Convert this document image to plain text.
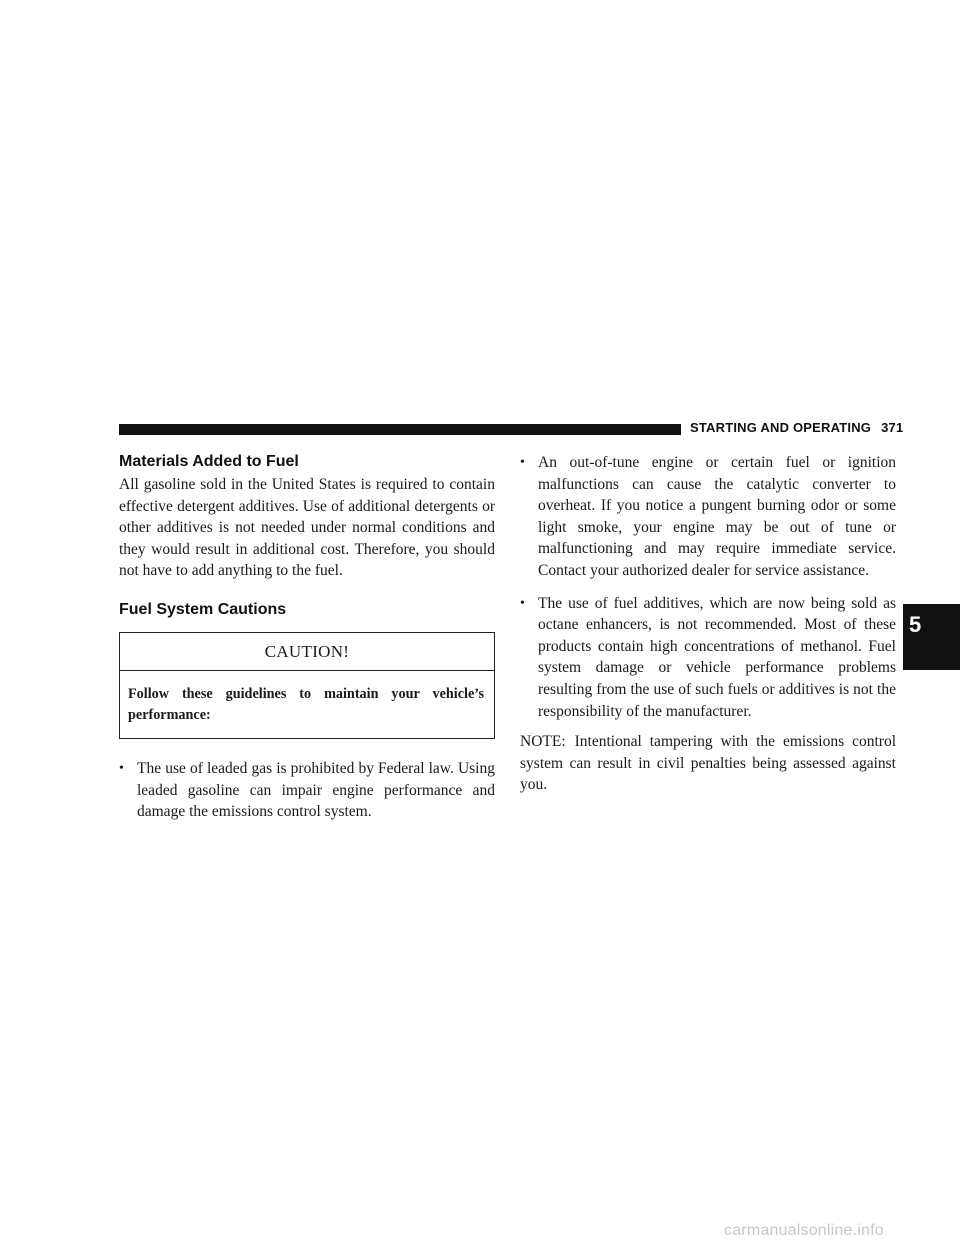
STARTING AND OPERATING 371
Materials Added to Fuel

All gasoline sold in the United States is required to contain effective detergent additives. Use of additional detergents or other additives is not needed under normal conditions and they would result in additional cost. Therefore, you should not have to add anything to the fuel.

Fuel System Cautions
CAUTION!
Follow these guidelines to maintain your vehicle’s performance:
• The use of leaded gas is prohibited by Federal law. Using leaded gasoline can impair engine performance and damage the emissions control system.
• An out-of-tune engine or certain fuel or ignition malfunctions can cause the catalytic converter to overheat. If you notice a pungent burning odor or some light smoke, your engine may be out of tune or malfunctioning and may require immediate service. Contact your authorized dealer for service assistance.
• The use of fuel additives, which are now being sold as octane enhancers, is not recommended. Most of these products contain high concentrations of methanol. Fuel system damage or vehicle performance problems resulting from the use of such fuels or additives is not the responsibility of the manufacturer.
NOTE: Intentional tampering with the emissions control system can result in civil penalties being assessed against you.
5
carmanualsonline.info
